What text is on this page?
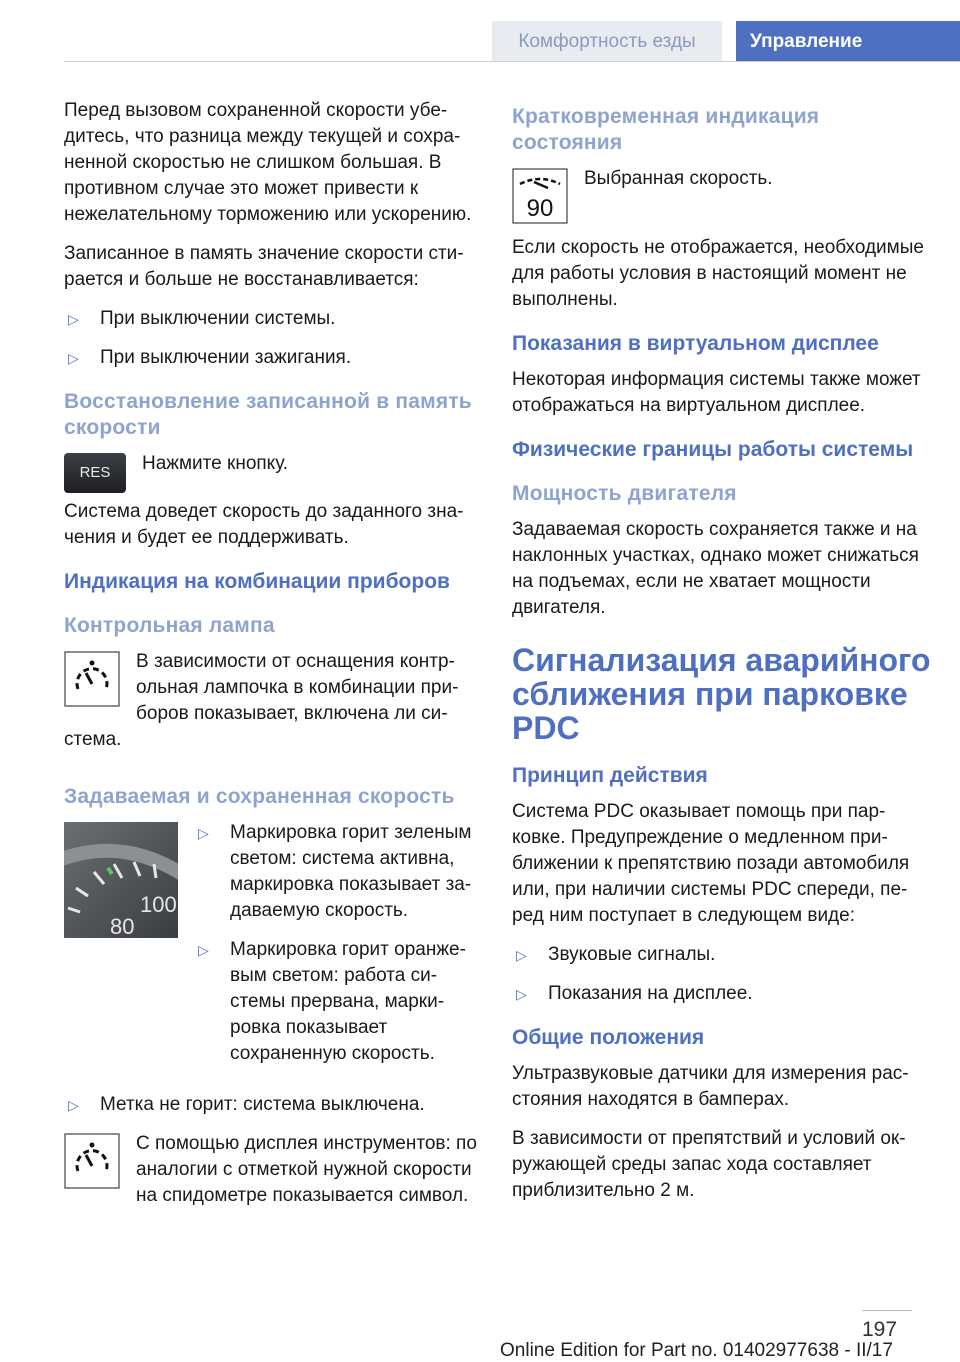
Комфортность езды	Управление

Перед вызовом сохраненной скорости убедитесь, что разница между текущей и сохраненной скоростью не слишком большая. В противном случае это может привести к нежелательному торможению или ускорению.

Записанное в память значение скорости стирается и больше не восстанавливается:

▷ При выключении системы.
▷ При выключении зажигания.
Восстановление записанной в память скорости
RES	Нажмите кнопку.

Система доведет скорость до заданного значения и будет ее поддерживать.

Индикация на комбинации приборов
Контрольная лампа

В зависимости от оснащения контрольная лампочка в комбинации приборов показывает, включена ли система.

Задаваемая и сохраненная скорость
100
80
▷ Маркировка горит зеленым светом: система активна, маркировка показывает задаваемую скорость.
▷ Маркировка горит оранжевым светом: работа системы прервана, маркировка показывает сохраненную скорость.
▷ Метка не горит: система выключена.

С помощью дисплея инструментов: по аналогии с отметкой нужной скорости на спидометре показывается символ.

Кратковременная индикация состояния
90

Выбранная скорость.

Если скорость не отображается, необходимые для работы условия в настоящий момент не выполнены.

Показания в виртуальном дисплее

Некоторая информация системы также может отображаться на виртуальном дисплее.

Физические границы работы системы
Мощность двигателя

Задаваемая скорость сохраняется также и на наклонных участках, однако может снижаться на подъемах, если не хватает мощности двигателя.

Сигнализация аварийного сближения при парковке PDC
Принцип действия

Система PDC оказывает помощь при парковке. Предупреждение о медленном приближении к препятствию позади автомобиля или, при наличии системы PDC спереди, перед ним поступает в следующем виде:

▷ Звуковые сигналы.
▷ Показания на дисплее.
Общие положения

Ультразвуковые датчики для измерения расстояния находятся в бамперах.

В зависимости от препятствий и условий окружающей среды запас хода составляет приблизительно 2 м.

197
Online Edition for Part no. 01402977638 - II/17
